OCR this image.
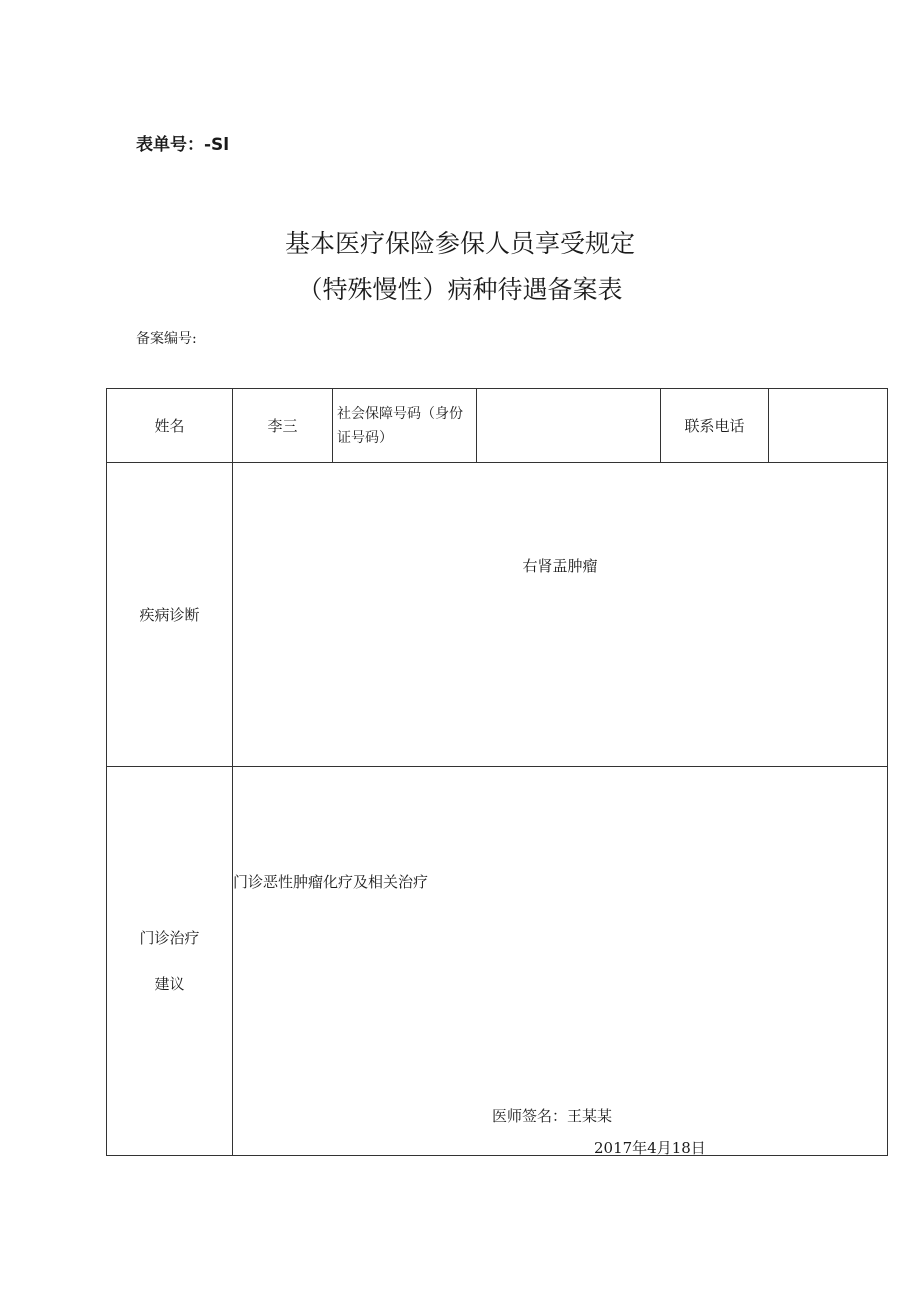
表单号：-Sl
基本医疗保险参保人员享受规定
（特殊慢性）病种待遇备案表
备案编号:
姓名	李三
社会保障号码（身份证号码）
联系电话
疾病诊断
右肾盂肿瘤
门诊治疗
建议
门诊恶性肿瘤化疗及相关治疗
医师签名：王某某
2017年4月18日
